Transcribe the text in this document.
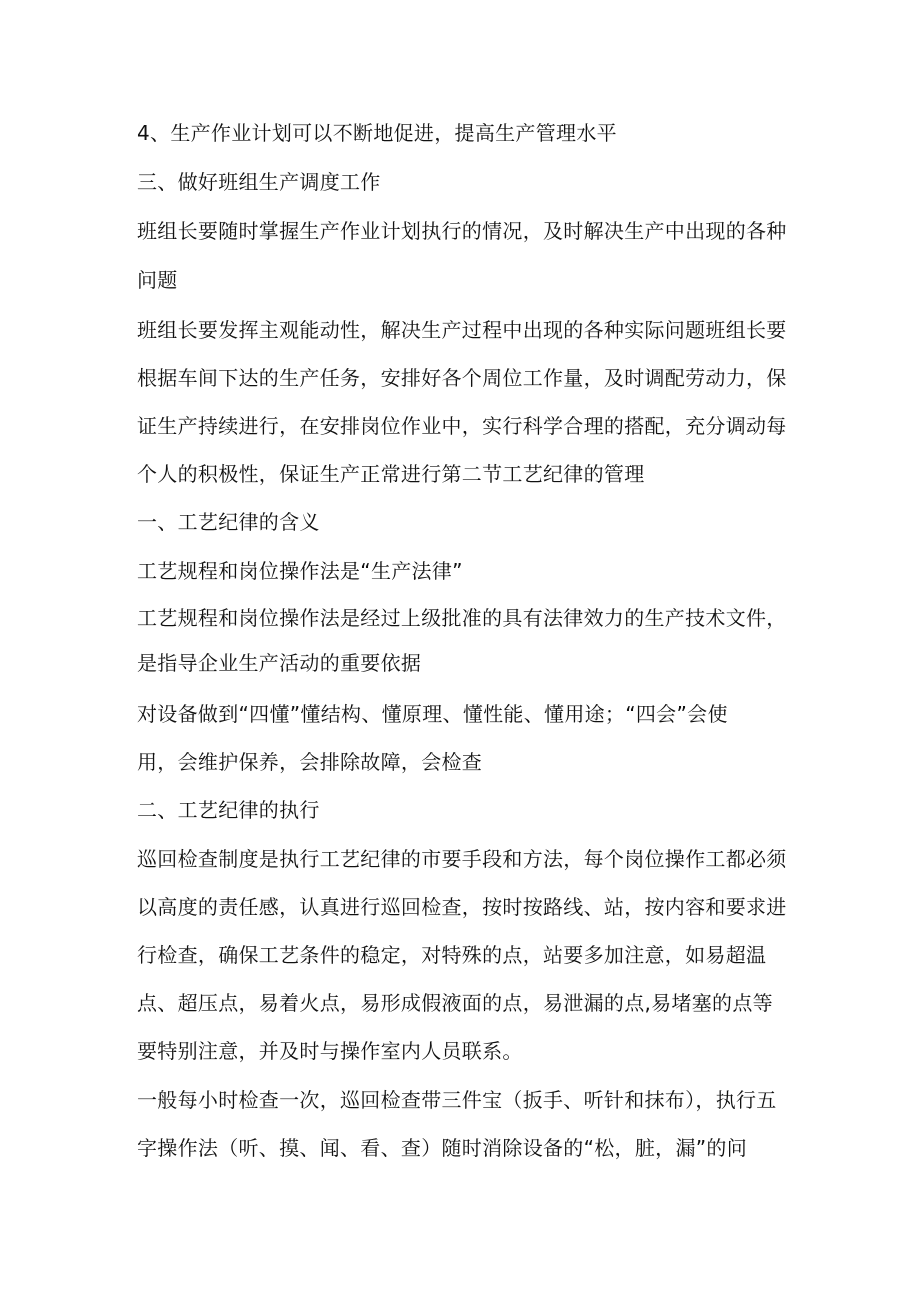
4、生产作业计划可以不断地促进，提高生产管理水平
三、做好班组生产调度工作
班组长要随时掌握生产作业计划执行的情况，及时解决生产中出现的各种
问题
班组长要发挥主观能动性，解决生产过程中出现的各种实际问题班组长要
根据车间下达的生产任务，安排好各个周位工作量，及时调配劳动力，保
证生产持续进行，在安排岗位作业中，实行科学合理的搭配，充分调动每
个人的积极性，保证生产正常进行第二节工艺纪律的管理
一、工艺纪律的含义
工艺规程和岗位操作法是“生产法律”
工艺规程和岗位操作法是经过上级批准的具有法律效力的生产技术文件，
是指导企业生产活动的重要依据
对设备做到“四懂”懂结构、懂原理、懂性能、懂用途；“四会”会使
用，会维护保养，会排除故障，会检查
二、工艺纪律的执行
巡回检查制度是执行工艺纪律的市要手段和方法，每个岗位操作工都必须
以高度的责任感，认真进行巡回检查，按时按路线、站，按内容和要求进
行检查，确保工艺条件的稳定，对特殊的点，站要多加注意，如易超温
点、超压点，易着火点，易形成假液面的点，易泄漏的点,易堵塞的点等
要特别注意，并及时与操作室内人员联系。
一般每小时检查一次，巡回检查带三件宝（扳手、听针和抹布），执行五
字操作法（听、摸、闻、看、查）随时消除设备的“松，脏，漏”的问
